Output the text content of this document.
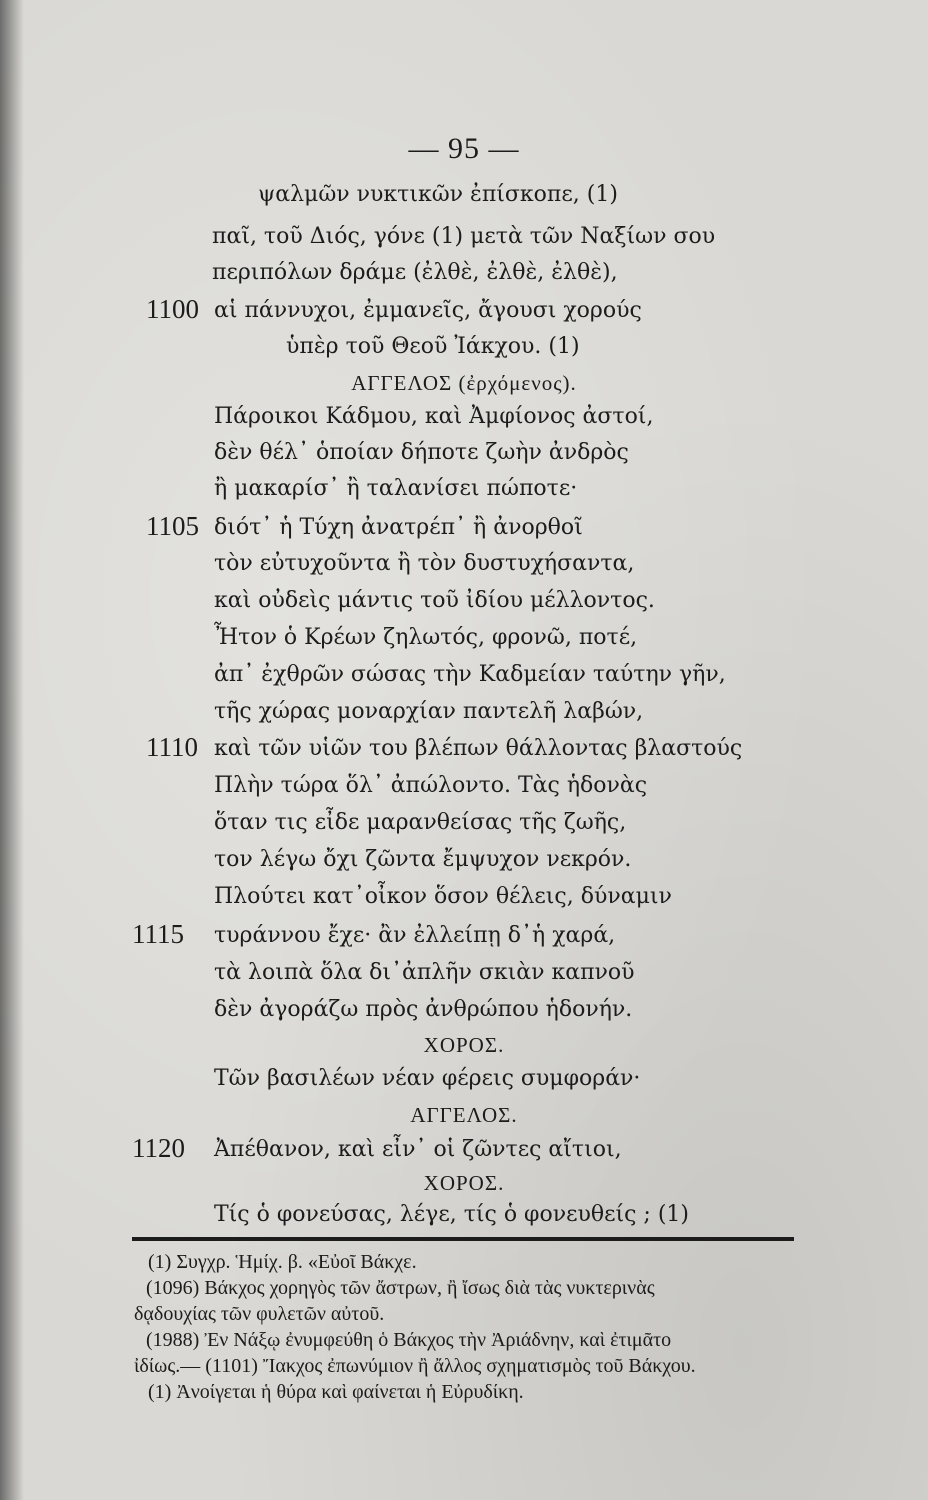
— 95 —
ψαλμῶν νυκτικῶν ἐπίσκοπε, (1)
παῖ, τοῦ Διός, γόνε (1) μετὰ τῶν Ναξίων σου
περιπόλων δράμε (ἐλθὲ, ἐλθὲ, ἐλθὲ),
1100 αἱ πάννυχοι, ἐμμανεῖς, ἄγουσι χορούς
ὑπὲρ τοῦ Θεοῦ Ἰάκχου. (1)
ΑΓΓΕΛΟΣ (ἐρχόμενος).
Πάροικοι Κάδμου, καὶ Ἀμφίονος ἀστοί,
δὲν θέλ᾽ ὁποίαν δήποτε ζωὴν ἀνδρὸς
ἢ μακαρίσ᾽ ἢ ταλανίσει πώποτε·
1105 διότ᾽ ἡ Τύχη ἀνατρέπ᾽ ἢ ἀνορθοῖ
τὸν εὐτυχοῦντα ἢ τὸν δυστυχήσαντα,
καὶ οὐδεὶς μάντις τοῦ ἰδίου μέλλοντος.
Ἦτον ὁ Κρέων ζηλωτός, φρονῶ, ποτέ,
ἀπ᾽ ἐχθρῶν σώσας τὴν Καδμείαν ταύτην γῆν,
τῆς χώρας μοναρχίαν παντελῆ λαβών,
1110 καὶ τῶν υἱῶν του βλέπων θάλλοντας βλαστούς
Πλὴν τώρα ὅλ᾽ ἀπώλοντο. Τὰς ἡδονὰς
ὅταν τις εἶδε μαρανθείσας τῆς ζωῆς,
τον λέγω ὄχι ζῶντα ἔμψυχον νεκρόν.
Πλούτει κατ᾽οἶκον ὅσον θέλεις, δύναμιν
1115 τυράννου ἔχε· ἂν ἐλλείπῃ δ᾽ἡ χαρά,
τὰ λοιπὰ ὅλα δι᾽ἀπλῆν σκιὰν καπνοῦ
δὲν ἀγοράζω πρὸς ἀνθρώπου ἡδονήν.
ΧΟΡΟΣ.
Τῶν βασιλέων νέαν φέρεις συμφοράν·
ΑΓΓΕΛΟΣ.
1120 Ἀπέθανον, καὶ εἶν᾽ οἱ ζῶντες αἴτιοι,
ΧΟΡΟΣ.
Τίς ὁ φονεύσας, λέγε, τίς ὁ φονευθείς ; (1)
(1) Συγχρ. Ἡμίχ. β. «Εὐοῖ Βάκχε.
(1096) Βάκχος χορηγὸς τῶν ἄστρων, ἢ ἴσως διὰ τὰς νυκτερινὰς
δᾳδουχίας τῶν φυλετῶν αὐτοῦ.
(1988) Ἐν Νάξῳ ἐνυμφεύθη ὁ Βάκχος τὴν Ἀριάδνην, καὶ ἐτιμᾶτο
ἰδίως.— (1101) Ἴακχος ἐπωνύμιον ἢ ἄλλος σχηματισμὸς τοῦ Βάκχου.
(1) Ἀνοίγεται ἡ θύρα καὶ φαίνεται ἡ Εὐρυδίκη.
